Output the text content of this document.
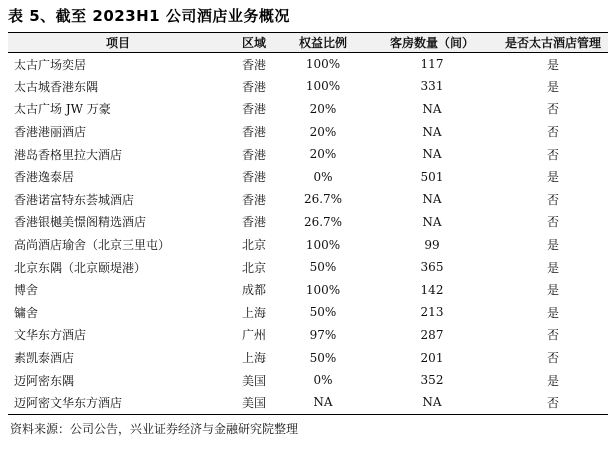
表 5、截至 2023H1 公司酒店业务概况
项目	区域	权益比例	客房数量（间）	是否太古酒店管理
太古广场奕居	香港	100%	117	是
太古城香港东隅	香港	100%	331	是
太古广场 JW 万豪	香港	20%	NA	否
香港港丽酒店	香港	20%	NA	否
港岛香格里拉大酒店	香港	20%	NA	否
香港逸泰居	香港	0%	501	是
香港诺富特东荟城酒店	香港	26.7%	NA	否
香港银樾美憬阁精选酒店	香港	26.7%	NA	否
高尚酒店瑜舍（北京三里屯）	北京	100%	99	是
北京东隅（北京颐堤港）	北京	50%	365	是
博舍	成都	100%	142	是
镛舍	上海	50%	213	是
文华东方酒店	广州	97%	287	否
素凯泰酒店	上海	50%	201	否
迈阿密东隅	美国	0%	352	是
迈阿密文华东方酒店	美国	NA	NA	否
资料来源：公司公告，兴业证券经济与金融研究院整理
